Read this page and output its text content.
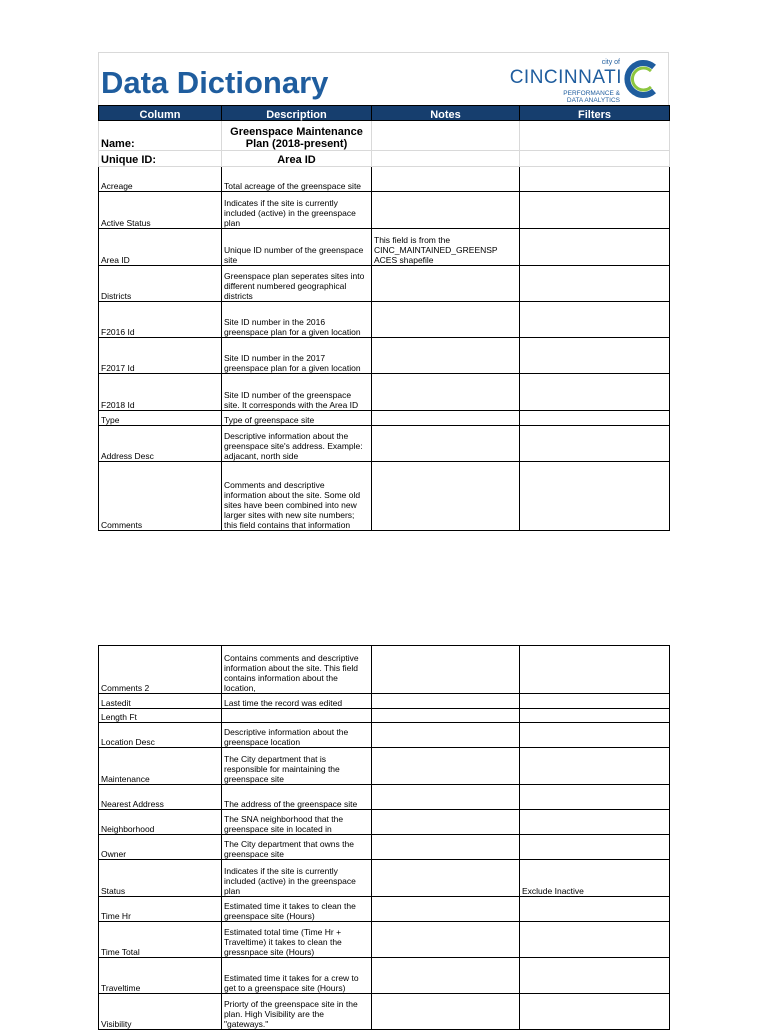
Data Dictionary
city of
CINCINNATI
PERFORMANCE &
DATA ANALYTICS
Name:	Greenspace Maintenance Plan (2018-present)		
Unique ID:	Area ID		
Column	Description	Notes	Filters
Acreage	Total acreage of the greenspace site		
Active Status	Indicates if the site is currently included (active) in the greenspace plan		
Area ID	Unique ID number of the greenspace site	This field is from the CINC_MAINTAINED_GREENSP ACES shapefile	
Districts	Greenspace plan seperates sites into different numbered geographical districts		
F2016 Id	Site ID number in the 2016 greenspace plan for a given location		
F2017 Id	Site ID number in the 2017 greenspace plan for a given location		
F2018 Id	Site ID number of the greenspace site. It corresponds with the Area ID		
Type	Type of greenspace site		
Address Desc	Descriptive information about the greenspace site's address. Example: adjacant, north side		
Comments	Comments and descriptive information about the site. Some old sites have been combined into new larger sites with new site numbers; this field contains that information		
Comments 2	Contains comments and descriptive information about the site. This field contains information about the location,		
Lastedit	Last time the record was edited		
Length Ft			
Location Desc	Descriptive information about the greenspace location		
Maintenance	The City department that is responsible for maintaining the greenspace site		
Nearest Address	The address of the greenspace site		
Neighborhood	The SNA neighborhood that the greenspace site in located in		
Owner	The City department that owns the greenspace site		
Status	Indicates if the site is currently included (active) in the greenspace plan		Exclude Inactive
Time Hr	Estimated time it takes to clean the greenspace site (Hours)		
Time Total	Estimated total time (Time Hr + Traveltime) it takes to clean the gressnpace site (Hours)		
Traveltime	Estimated time it takes for a crew to get to a greenspace site (Hours)		
Visibility	Priorty of the greenspace site in the plan. High Visibility are the "gateways."		
